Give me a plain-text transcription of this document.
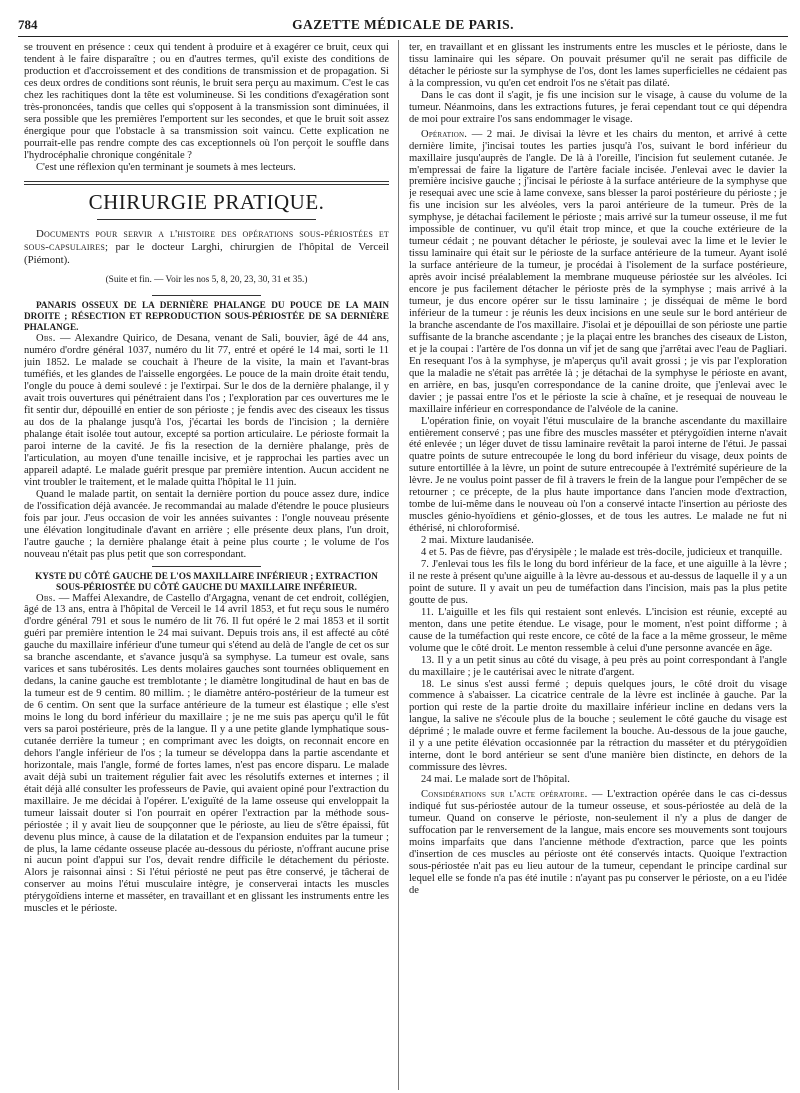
784	GAZETTE MÉDICALE DE PARIS.

se trouvent en présence : ceux qui tendent à produire et à exagérer ce bruit, ceux qui tendent à le faire disparaître ; ou en d'autres termes, qu'il existe des conditions de production et d'accroissement et des conditions de transmission et de propagation. Si ces deux ordres de conditions sont réunis, le bruit sera perçu au maximum. C'est le cas chez les rachitiques dont la tête est volumineuse. Si les conditions d'exagération sont très-prononcées, tandis que celles qui s'opposent à la transmission sont diminuées, il sera possible que les premières l'emportent sur les secondes, et que le bruit soit assez énergique pour que l'obstacle à sa transmission soit vaincu. Cette explication ne pourrait-elle pas rendre compte des cas exceptionnels où l'on perçoit le souffle dans l'hydrocéphalie chronique congénitale ?

C'est une réflexion qu'en terminant je soumets à mes lecteurs.

CHIRURGIE PRATIQUE.

Documents pour servir a l'histoire des opérations sous-périostées et sous-capsulaires; par le docteur Larghi, chirurgien de l'hôpital de Verceil (Piémont).

(Suite et fin. — Voir les nos 5, 8, 20, 23, 30, 31 et 35.)

PANARIS OSSEUX DE LA DERNIÈRE PHALANGE DU POUCE DE LA MAIN DROITE ; RÉSECTION ET REPRODUCTION SOUS-PÉRIOSTÉE DE SA DERNIÈRE PHALANGE.

Obs. — Alexandre Quirico, de Desana, venant de Sali, bouvier, âgé de 44 ans, numéro d'ordre général 1037, numéro du lit 77, entré et opéré le 14 mai, sorti le 11 juin 1852. Le malade se couchait à l'heure de la visite, la main et l'avant-bras tuméfiés, et les glandes de l'aisselle engorgées. Le pouce de la main droite était tendu, l'ongle du pouce à demi soulevé : je l'extirpai. Sur le dos de la dernière phalange, il y avait trois ouvertures qui pénétraient dans l'os ; l'exploration par ces ouvertures me le fit sentir dur, dépouillé en entier de son périoste ; je fendis avec des ciseaux les tissus au dos de la phalange jusqu'à l'os, j'écartai les bords de l'incision ; la dernière phalange était isolée tout autour, excepté sa portion articulaire. Le périoste formait la paroi interne de la cavité. Je fis la resection de la dernière phalange, près de l'articulation, au moyen d'une tenaille incisive, et je rapprochai les parties avec un appareil adapté. Le malade guérit presque par première intention. Aucun accident ne vint troubler le traitement, et le malade quitta l'hôpital le 11 juin.

Quand le malade partit, on sentait la dernière portion du pouce assez dure, indice de l'ossification déjà avancée. Je recommandai au malade d'étendre le pouce plusieurs fois par jour. J'eus occasion de voir les années suivantes : l'ongle nouveau présente une élévation longitudinale d'avant en arrière ; elle présente deux plans, l'un droit, l'autre gauche ; la dernière phalange était à peine plus courte ; le volume de l'os nouveau n'était pas plus petit que son correspondant.

KYSTE DU CÔTÉ GAUCHE DE L'OS MAXILLAIRE INFÉRIEUR ; EXTRACTION SOUS-PÉRIOSTÉE DU CÔTÉ GAUCHE DU MAXILLAIRE INFÉRIEUR.

Obs. — Maffei Alexandre, de Castello d'Argagna, venant de cet endroit, collégien, âgé de 13 ans, entra à l'hôpital de Verceil le 14 avril 1853, et fut reçu sous le numéro d'ordre général 791 et sous le numéro de lit 76. Il fut opéré le 2 mai 1853 et il sortit guéri par première intention le 24 mai suivant. Depuis trois ans, il est affecté au côté gauche du maxillaire inférieur d'une tumeur qui s'étend au delà de l'angle de cet os sur sa branche ascendante, et s'avance jusqu'à sa symphyse. La tumeur est ovale, sans varices et sans tubérosités. Les dents molaires gauches sont tournées obliquement en dedans, la canine gauche est tremblotante ; le diamètre longitudinal de haut en bas de la tumeur est de 9 centim. 80 millim. ; le diamètre antéro-postérieur de la tumeur est de 6 centim. On sent que la surface antérieure de la tumeur est élastique ; elle s'est moins le long du bord inférieur du maxillaire ; je ne me suis pas aperçu qu'il le fût vers sa paroi postérieure, près de la langue. Il y a une petite glande lymphatique sous-cutanée derrière la tumeur ; en comprimant avec les doigts, on reconnait encore en dehors l'angle inférieur de l'os ; la tumeur se développa dans la partie ascendante et horizontale, mais l'angle, formé de fortes lames, n'est pas encore disparu. Le malade avait déjà subi un traitement régulier fait avec les résolutifs externes et internes ; il était déjà allé consulter les professeurs de Pavie, qui avaient opiné pour l'extraction du maxillaire. Je me décidai à l'opérer. L'exiguïté de la lame osseuse qui enveloppait la tumeur laissait douter si l'on pourrait en opérer l'extraction par la méthode sous-périostée ; il y avait lieu de soupçonner que le périoste, au lieu de s'être épaissi, fût devenu plus mince, à cause de la dilatation et de l'expansion enduites par la tumeur ; de plus, la lame cédante osseuse placée au-dessous du périoste, n'offrant aucune prise ni aucun point d'appui sur l'os, devait rendre difficile le détachement du périoste. Alors je raisonnai ainsi : Si l'étui périosté ne peut pas être conservé, je tâcherai de conserver au moins l'étui musculaire intègre, je conserverai intacts les muscles ptérygoïdiens interne et masséter, en travaillant et en glissant les instruments entre les muscles et le périoste.

ter, en travaillant et en glissant les instruments entre les muscles et le périoste, dans le tissu laminaire qui les sépare. On pouvait présumer qu'il ne serait pas difficile de détacher le périoste sur la symphyse de l'os, dont les lames superficielles ne cédaient pas à la compression, vu qu'en cet endroit l'os ne s'était pas dilaté.

Dans le cas dont il s'agit, je fis une incision sur le visage, à cause du volume de la tumeur. Néanmoins, dans les extractions futures, je ferai cependant tout ce qui dépendra de moi pour extraire l'os sans endommager le visage.

Opération. — 2 mai. Je divisai la lèvre et les chairs du menton, et arrivé à cette dernière limite, j'incisai toutes les parties jusqu'à l'os, suivant le bord inférieur du maxillaire jusqu'auprès de l'angle. De là à l'oreille, l'incision fut seulement cutanée. Je m'empressai de faire la ligature de l'artère faciale incisée. J'enlevai avec le davier la première incisive gauche ; j'incisai le périoste à la surface antérieure de la symphyse que je resequai avec une scie à lame convexe, sans blesser la paroi postérieure du périoste ; je fis une incision sur les alvéoles, vers la paroi antérieure de la tumeur. Près de la symphyse, je détachai facilement le périoste ; mais arrivé sur la tumeur osseuse, il me fut impossible de continuer, vu qu'il était trop mince, et que la couche extérieure de la tumeur cédait ; ne pouvant détacher le périoste, je soulevai avec la lime et le levier le tissu laminaire qui était sur le périoste de la surface antérieure de la tumeur. Ayant isolé la surface antérieure de la tumeur, je procédai à l'isolement de la surface postérieure, après avoir incisé préalablement la membrane muqueuse périostée sur les alvéoles. Ici encore je pus facilement détacher le périoste près de la symphyse ; mais arrivé à la tumeur, je dus encore opérer sur le tissu laminaire ; je disséquai de même le bord inférieur de la tumeur : je réunis les deux incisions en une seule sur le bord antérieur de la branche ascendante de l'os maxillaire. J'isolai et je dépouillai de son périoste une partie suffisante de la branche ascendante ; je la plaçai entre les branches des ciseaux de Liston, et je la coupai : l'artère de l'os donna un vif jet de sang que j'arrêtai avec l'eau de Pagliari. En resequant l'os à la symphyse, je m'aperçus qu'il avait grossi ; je vis par l'exploration que la maladie ne s'était pas arrêtée là ; je détachai de la symphyse le périoste en avant, en arrière, en bas, jusqu'en correspondance de la canine droite, que j'enlevai avec le davier ; je passai entre l'os et le périoste la scie à chaîne, et je resequai de nouveau le maxillaire inférieur en correspondance de l'alvéole de la canine.

L'opération finie, on voyait l'étui musculaire de la branche ascendante du maxillaire entièrement conservé ; pas une fibre des muscles masséter et ptérygoïdien interne n'avait été enlevée ; un léger duvet de tissu laminaire revêtait la paroi interne de l'étui. Je passai quatre points de suture entrecoupée le long du bord inférieur du visage, deux points de suture entortillée à la lèvre, un point de suture entrecoupée à l'extrémité supérieure de la lèvre. Je ne voulus point passer de fil à travers le frein de la langue pour l'empêcher de se retourner ; ce précepte, de la plus haute importance dans l'ancien mode d'extraction, tombe de lui-même dans le nouveau où l'on a conservé intacte l'insertion au périoste des muscles génio-hyoïdiens et génio-glosses, et de tous les autres. Le malade ne fut ni éthérisé, ni chloroformisé.

2 mai. Mixture laudanisée.

4 et 5. Pas de fièvre, pas d'érysipèle ; le malade est très-docile, judicieux et tranquille.

7. J'enlevai tous les fils le long du bord inférieur de la face, et une aiguille à la lèvre ; il ne reste à présent qu'une aiguille à la lèvre au-dessous et au-dessus de laquelle il y a un point de suture. Il y avait un peu de tuméfaction dans l'incision, mais pas la plus petite goutte de pus.

11. L'aiguille et les fils qui restaient sont enlevés. L'incision est réunie, excepté au menton, dans une petite étendue. Le visage, pour le moment, n'est point difforme ; à cause de la tuméfaction qui reste encore, ce côté de la face a la même grosseur, le même volume que le côté droit. Le menton ressemble à celui d'une personne avancée en âge.

13. Il y a un petit sinus au côté du visage, à peu près au point correspondant à l'angle du maxillaire ; je le cautérisai avec le nitrate d'argent.

18. Le sinus s'est aussi fermé ; depuis quelques jours, le côté droit du visage commence à s'abaisser. La cicatrice centrale de la lèvre est inclinée à gauche. Par la portion qui reste de la partie droite du maxillaire inférieur incline en dedans vers la langue, la salive ne s'écoule plus de la bouche ; seulement le côté gauche du visage est déprimé ; le malade ouvre et ferme facilement la bouche. Au-dessous de la joue gauche, il y a une petite élévation occasionnée par la rétraction du masséter et du ptérygoïdien interne, dont le bord antérieur se sent d'une manière bien distincte, en dehors de la commissure des lèvres.

24 mai. Le malade sort de l'hôpital.

Considérations sur l'acte opératoire. — L'extraction opérée dans le cas ci-dessus indiqué fut sus-périostée autour de la tumeur osseuse, et sous-périostée au delà de la tumeur. Quand on conserve le périoste, non-seulement il n'y a plus de danger de suffocation par le renversement de la langue, mais encore ses mouvements sont toujours moins imparfaits que dans l'ancienne méthode d'extraction, parce que les points d'insertion de ces muscles au périoste ont été conservés intacts. Quoique l'extraction sous-périostée n'ait pas eu lieu autour de la tumeur, cependant le principe cardinal sur lequel elle se fonde n'a pas été inutile : n'ayant pas pu conserver le périoste, on a eu l'idée de
